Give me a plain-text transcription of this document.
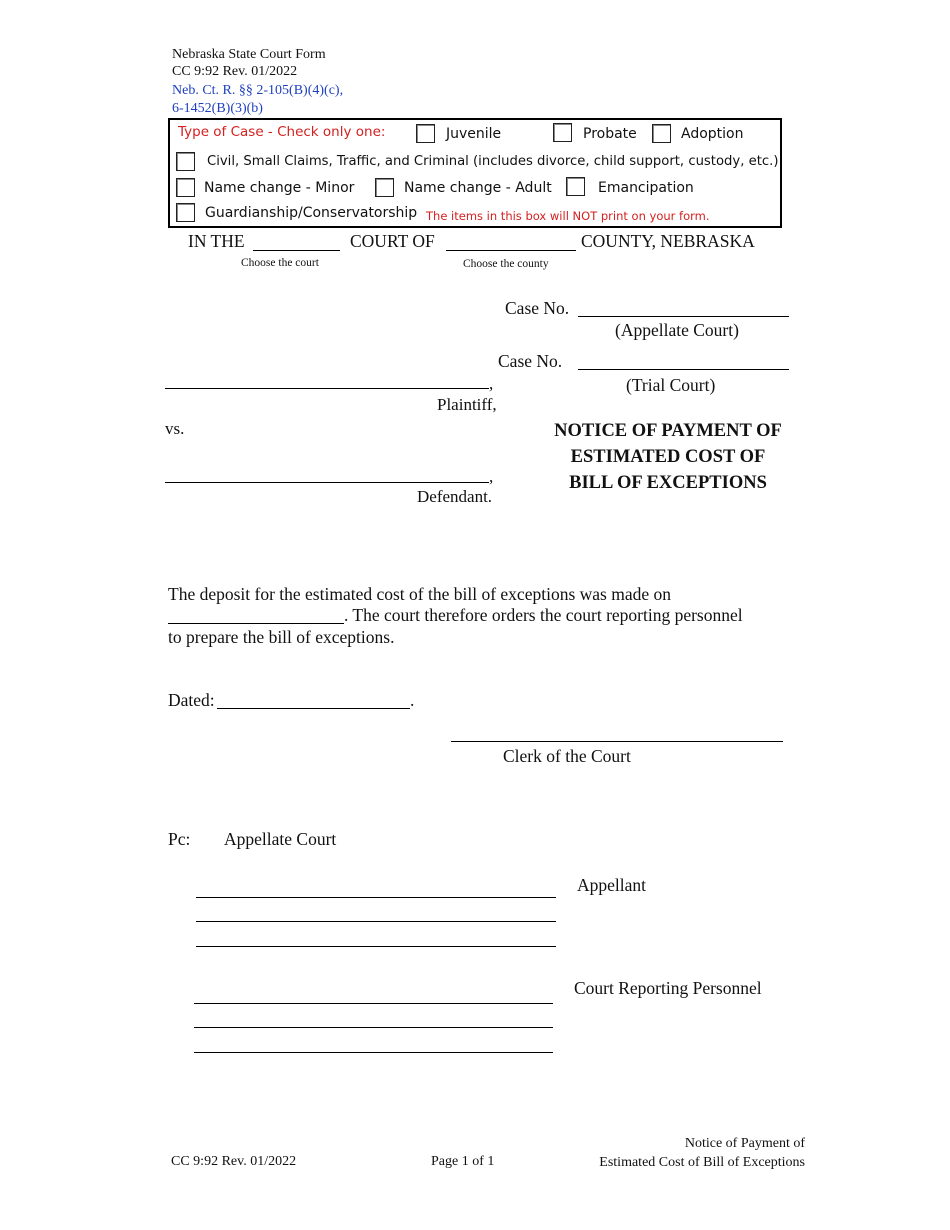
Nebraska State Court Form
CC 9:92 Rev. 01/2022
Neb. Ct. R. §§ 2-105(B)(4)(c),
6-1452(B)(3)(b)
Type of Case - Check only one:	Juvenile	Probate	Adoption
Civil, Small Claims, Traffic, and Criminal (includes divorce, child support, custody, etc.)
Name change - Minor	Name change - Adult	Emancipation
Guardianship/Conservatorship The items in this box will NOT print on your form.
IN THE	COURT OF	COUNTY, NEBRASKA
Choose the court	Choose the county
Case No.
(Appellate Court)
Case No.
(Trial Court)
,
Plaintiff,
vs.
,
Defendant.
NOTICE OF PAYMENT OF
ESTIMATED COST OF
BILL OF EXCEPTIONS
The deposit for the estimated cost of the bill of exceptions was made on
. The court therefore orders the court reporting personnel
to prepare the bill of exceptions.
Dated:	.
Clerk of the Court
Pc: Appellate Court
Appellant
Court Reporting Personnel
CC 9:92 Rev. 01/2022	Page 1 of 1
Notice of Payment of
Estimated Cost of Bill of Exceptions
